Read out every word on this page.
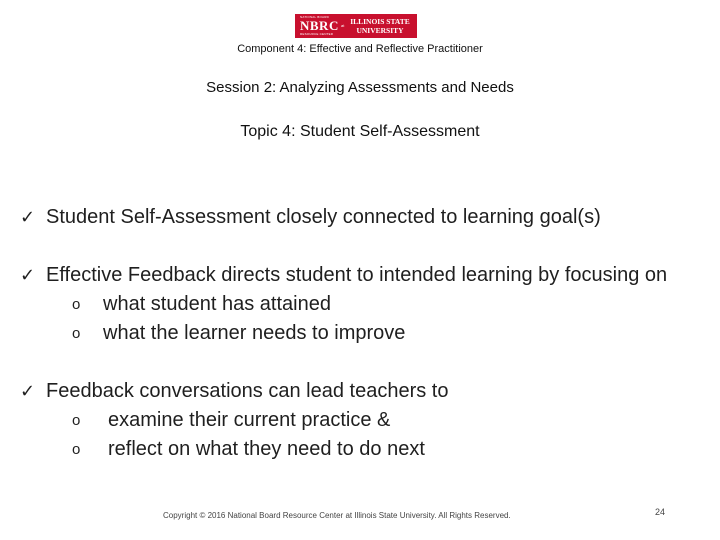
NATIONAL BOARD
NBRC
RESOURCE CENTER
at ILLINOIS STATE UNIVERSITY
Component 4: Effective and Reflective Practitioner
Session 2: Analyzing Assessments and Needs
Topic 4: Student Self-Assessment
✓ Student Self-Assessment closely connected to learning goal(s)
✓ Effective Feedback directs student to intended learning by focusing on
o what student has attained
o what the learner needs to improve
✓ Feedback conversations can lead teachers to
o examine their current practice &
o reflect on what they need to do next
Copyright © 2016 National Board Resource Center at Illinois State University. All Rights Reserved.	24
